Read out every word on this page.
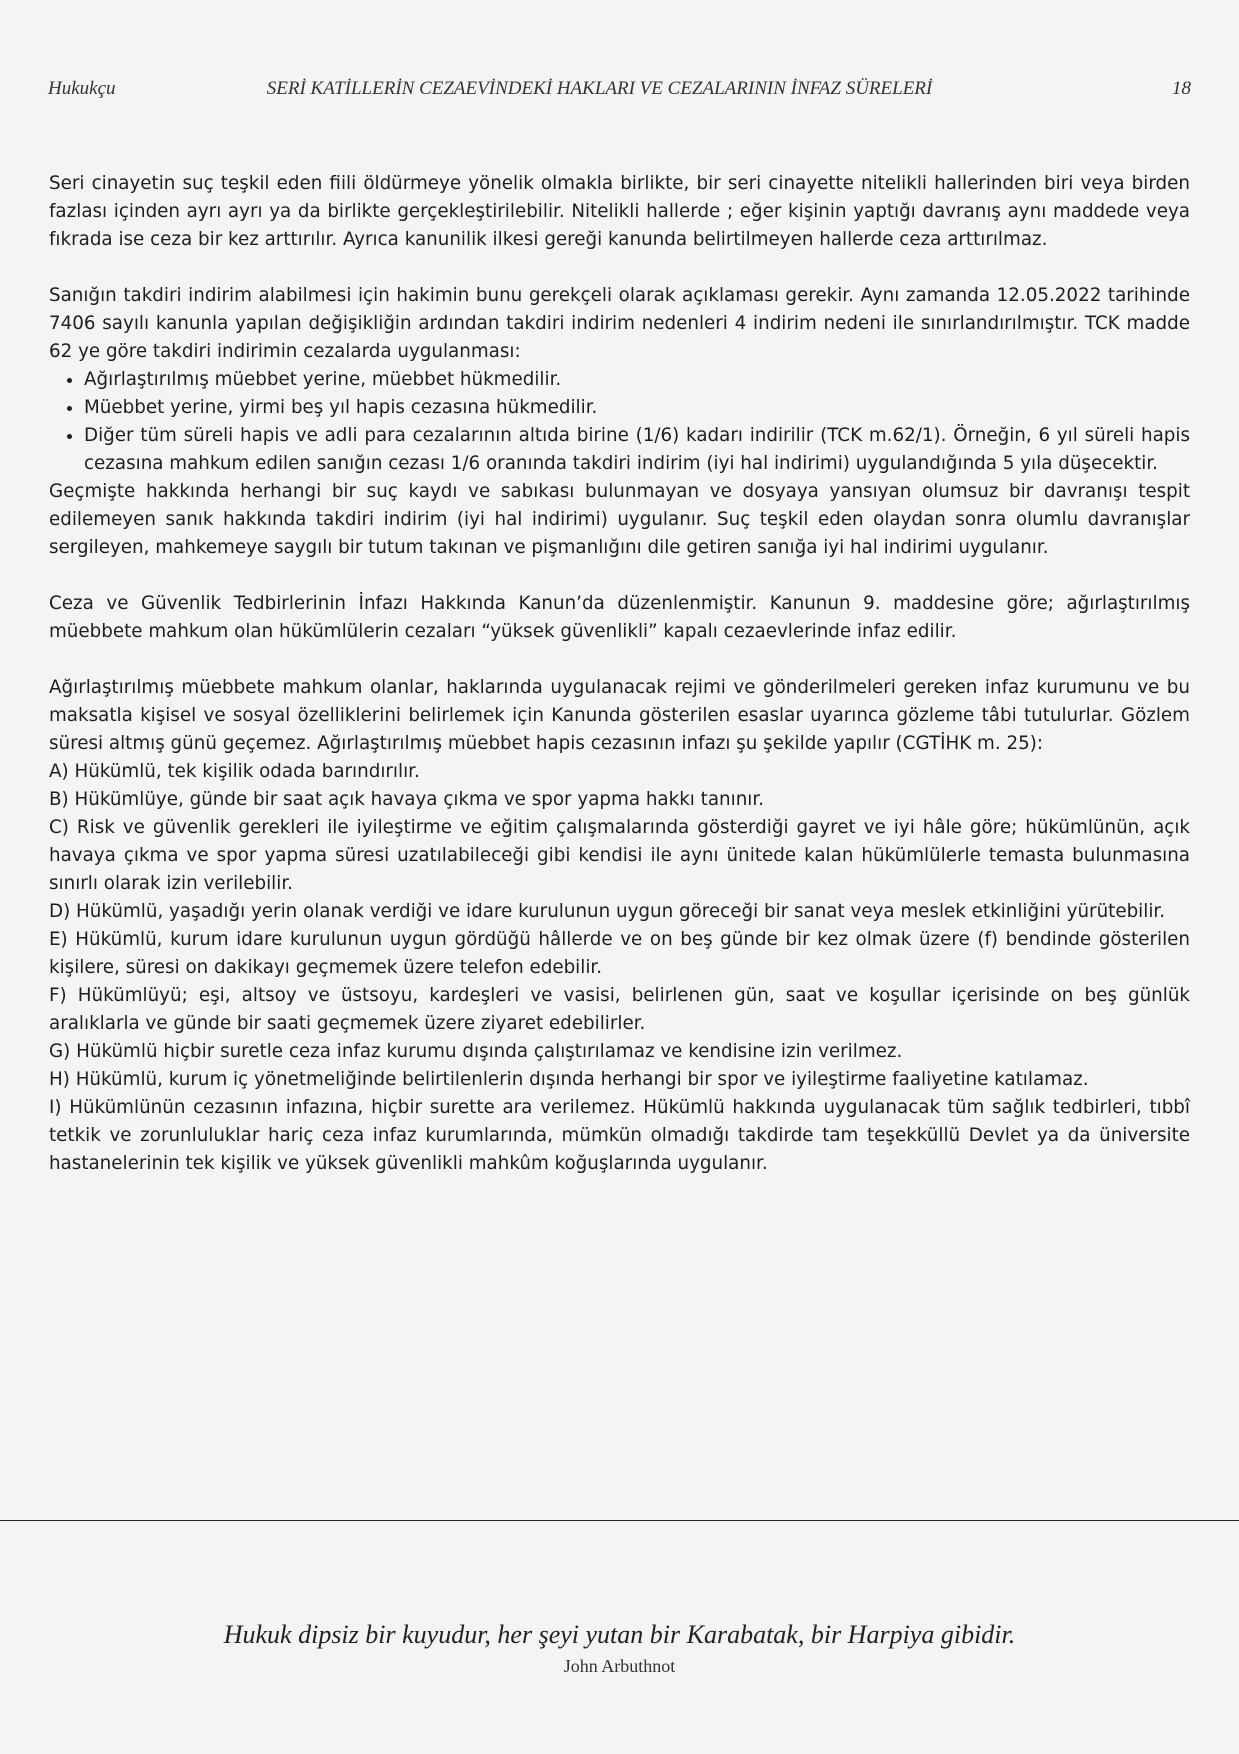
Hukukçu	SERİ KATİLLERİN CEZAEVİNDEKİ HAKLARI VE CEZALARININ İNFAZ SÜRELERİ	18

Seri cinayetin suç teşkil eden fiili öldürmeye yönelik olmakla birlikte, bir seri cinayette nitelikli hallerinden biri veya birden fazlası içinden ayrı ayrı ya da birlikte gerçekleştirilebilir. Nitelikli hallerde ; eğer kişinin yaptığı davranış aynı maddede veya fıkrada ise ceza bir kez arttırılır. Ayrıca kanunilik ilkesi gereği kanunda belirtilmeyen hallerde ceza arttırılmaz.

Sanığın takdiri indirim alabilmesi için hakimin bunu gerekçeli olarak açıklaması gerekir. Aynı zamanda 12.05.2022 tarihinde 7406 sayılı kanunla yapılan değişikliğin ardından takdiri indirim nedenleri 4 indirim nedeni ile sınırlandırılmıştır. TCK madde 62 ye göre takdiri indirimin cezalarda uygulanması:

• Ağırlaştırılmış müebbet yerine, müebbet hükmedilir.
• Müebbet yerine, yirmi beş yıl hapis cezasına hükmedilir.
• Diğer tüm süreli hapis ve adli para cezalarının altıda birine (1/6) kadarı indirilir (TCK m.62/1). Örneğin, 6 yıl süreli hapis cezasına mahkum edilen sanığın cezası 1/6 oranında takdiri indirim (iyi hal indirimi) uygulandığında 5 yıla düşecektir.

Geçmişte hakkında herhangi bir suç kaydı ve sabıkası bulunmayan ve dosyaya yansıyan olumsuz bir davranışı tespit edilemeyen sanık hakkında takdiri indirim (iyi hal indirimi) uygulanır. Suç teşkil eden olaydan sonra olumlu davranışlar sergileyen, mahkemeye saygılı bir tutum takınan ve pişmanlığını dile getiren sanığa iyi hal indirimi uygulanır.

Ceza ve Güvenlik Tedbirlerinin İnfazı Hakkında Kanun’da düzenlenmiştir. Kanunun 9. maddesine göre; ağırlaştırılmış müebbete mahkum olan hükümlülerin cezaları “yüksek güvenlikli” kapalı cezaevlerinde infaz edilir.

Ağırlaştırılmış müebbete mahkum olanlar, haklarında uygulanacak rejimi ve gönderilmeleri gereken infaz kurumunu ve bu maksatla kişisel ve sosyal özelliklerini belirlemek için Kanunda gösterilen esaslar uyarınca gözleme tâbi tutulurlar. Gözlem süresi altmış günü geçemez. Ağırlaştırılmış müebbet hapis cezasının infazı şu şekilde yapılır (CGTİHK m. 25):

A) Hükümlü, tek kişilik odada barındırılır.

B) Hükümlüye, günde bir saat açık havaya çıkma ve spor yapma hakkı tanınır.

C) Risk ve güvenlik gerekleri ile iyileştirme ve eğitim çalışmalarında gösterdiği gayret ve iyi hâle göre; hükümlünün, açık havaya çıkma ve spor yapma süresi uzatılabileceği gibi kendisi ile aynı ünitede kalan hükümlülerle temasta bulunmasına sınırlı olarak izin verilebilir.

D) Hükümlü, yaşadığı yerin olanak verdiği ve idare kurulunun uygun göreceği bir sanat veya meslek etkinliğini yürütebilir.

E) Hükümlü, kurum idare kurulunun uygun gördüğü hâllerde ve on beş günde bir kez olmak üzere (f) bendinde gösterilen kişilere, süresi on dakikayı geçmemek üzere telefon edebilir.

F) Hükümlüyü; eşi, altsoy ve üstsoyu, kardeşleri ve vasisi, belirlenen gün, saat ve koşullar içerisinde on beş günlük aralıklarla ve günde bir saati geçmemek üzere ziyaret edebilirler.

G) Hükümlü hiçbir suretle ceza infaz kurumu dışında çalıştırılamaz ve kendisine izin verilmez.

H) Hükümlü, kurum iç yönetmeliğinde belirtilenlerin dışında herhangi bir spor ve iyileştirme faaliyetine katılamaz.

I) Hükümlünün cezasının infazına, hiçbir surette ara verilemez. Hükümlü hakkında uygulanacak tüm sağlık tedbirleri, tıbbî tetkik ve zorunluluklar hariç ceza infaz kurumlarında, mümkün olmadığı takdirde tam teşekküllü Devlet ya da üniversite hastanelerinin tek kişilik ve yüksek güvenlikli mahkûm koğuşlarında uygulanır.

Hukuk dipsiz bir kuyudur, her şeyi yutan bir Karabatak, bir Harpiya gibidir.
John Arbuthnot
